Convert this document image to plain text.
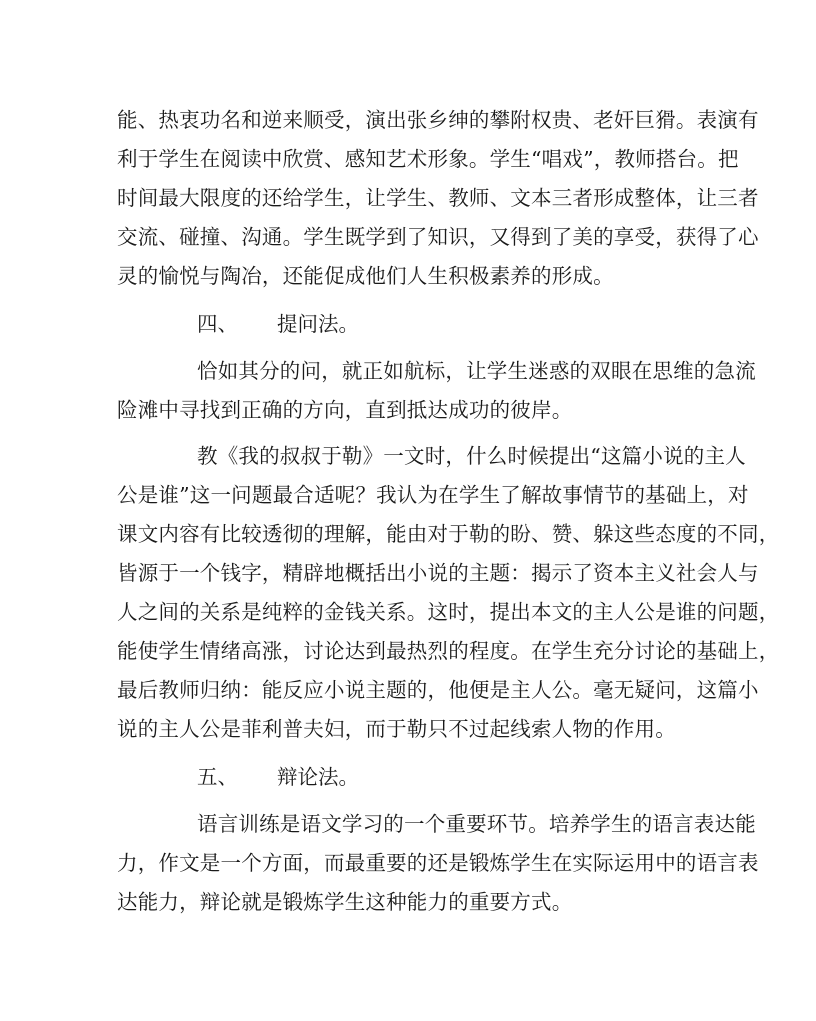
能、热衷功名和逆来顺受，演出张乡绅的攀附权贵、老奸巨猾。表演有
利于学生在阅读中欣赏、感知艺术形象。学生“唱戏”，教师搭台。把
时间最大限度的还给学生，让学生、教师、文本三者形成整体，让三者
交流、碰撞、沟通。学生既学到了知识，又得到了美的享受，获得了心
灵的愉悦与陶冶，还能促成他们人生积极素养的形成。
四、 提问法。
恰如其分的问，就正如航标，让学生迷惑的双眼在思维的急流
险滩中寻找到正确的方向，直到抵达成功的彼岸。
教《我的叔叔于勒》一文时，什么时候提出“这篇小说的主人
公是谁”这一问题最合适呢？我认为在学生了解故事情节的基础上，对
课文内容有比较透彻的理解，能由对于勒的盼、赞、躲这些态度的不同，
皆源于一个钱字，精辟地概括出小说的主题：揭示了资本主义社会人与
人之间的关系是纯粹的金钱关系。这时，提出本文的主人公是谁的问题，
能使学生情绪高涨，讨论达到最热烈的程度。在学生充分讨论的基础上，
最后教师归纳：能反应小说主题的，他便是主人公。毫无疑问，这篇小
说的主人公是菲利普夫妇，而于勒只不过起线索人物的作用。
五、 辩论法。
语言训练是语文学习的一个重要环节。培养学生的语言表达能
力，作文是一个方面，而最重要的还是锻炼学生在实际运用中的语言表
达能力，辩论就是锻炼学生这种能力的重要方式。
